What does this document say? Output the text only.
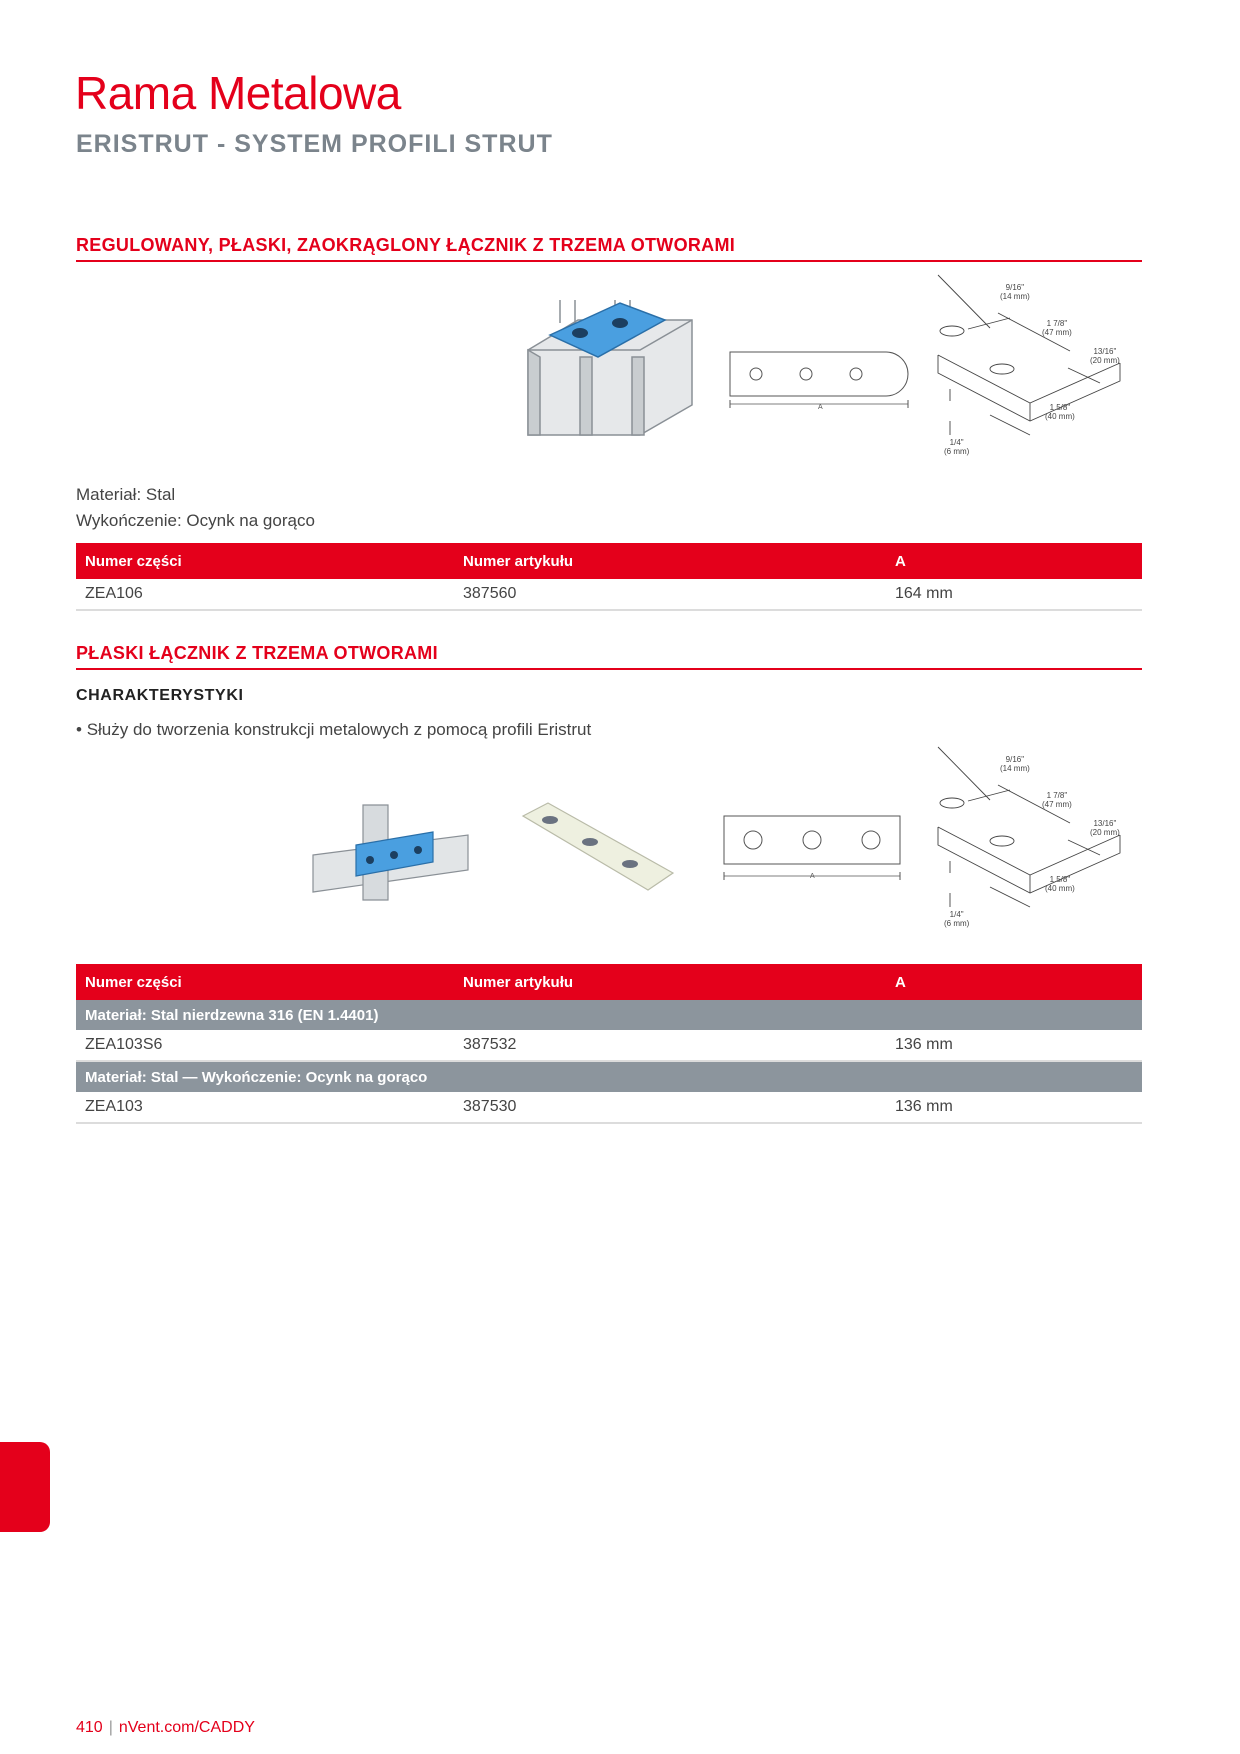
Rama Metalowa
ERISTRUT - SYSTEM PROFILI STRUT
REGULOWANY, PŁASKI, ZAOKRĄGLONY ŁĄCZNIK Z TRZEMA OTWORAMI
A
9/16"
(14 mm)
1 7/8"
(47 mm)
13/16"
(20 mm)
1 5/8"
(40 mm)
1/4"
(6 mm)
Materiał: Stal
Wykończenie: Ocynk na gorąco
Numer części	Numer artykułu	A
ZEA106	387560	164 mm
PŁASKI ŁĄCZNIK Z TRZEMA OTWORAMI
CHARAKTERYSTYKI
• Służy do tworzenia konstrukcji metalowych z pomocą profili Eristrut
A
9/16"
(14 mm)
1 7/8"
(47 mm)
13/16"
(20 mm)
1 5/8"
(40 mm)
1/4"
(6 mm)
Numer części	Numer artykułu	A
Materiał: Stal nierdzewna 316 (EN 1.4401)		
ZEA103S6	387532	136 mm
Materiał: Stal — Wykończenie: Ocynk na gorąco		
ZEA103	387530	136 mm
410 | nVent.com/CADDY
